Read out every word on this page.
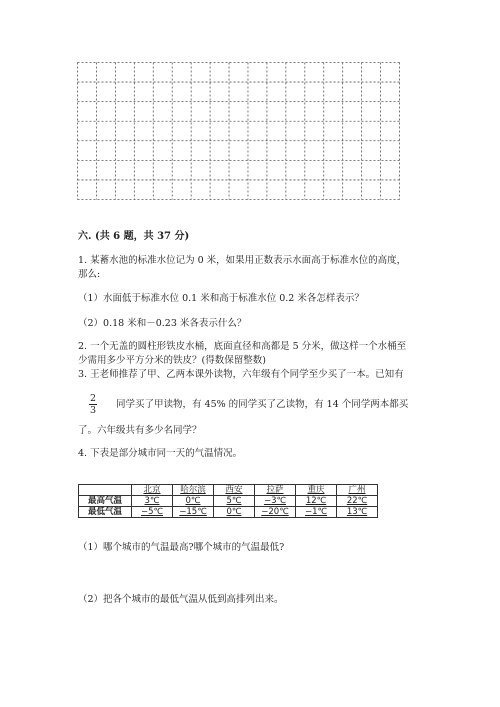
六. (共 6 题，共 37 分)
1. 某蓄水池的标准水位记为 0 米，如果用正数表示水面高于标准水位的高度，
那么:
（1）水面低于标准水位 0.1 米和高于标准水位 0.2 米各怎样表示？
（2）0.18 米和－0.23 米各表示什么？
2. 一个无盖的圆柱形铁皮水桶，底面直径和高都是 5 分米，做这样一个水桶至
少需用多少平方分米的铁皮？(得数保留整数)
3. 王老师推荐了甲、乙两本课外读物，六年级有个同学至少买了一本。已知有
2
3
同学买了甲读物，有 45% 的同学买了乙读物，有 14 个同学两本都买
了。六年级共有多少名同学？
4. 下表是部分城市同一天的气温情况。
	北京	哈尔滨	西安	拉萨	重庆	广州
最高气温	3℃	0℃	5℃	−3℃	12℃	22℃
最低气温	−5℃	−15℃	0℃	−20℃	−1℃	13℃
（1）哪个城市的气温最高?哪个城市的气温最低?
（2）把各个城市的最低气温从低到高排列出来。
